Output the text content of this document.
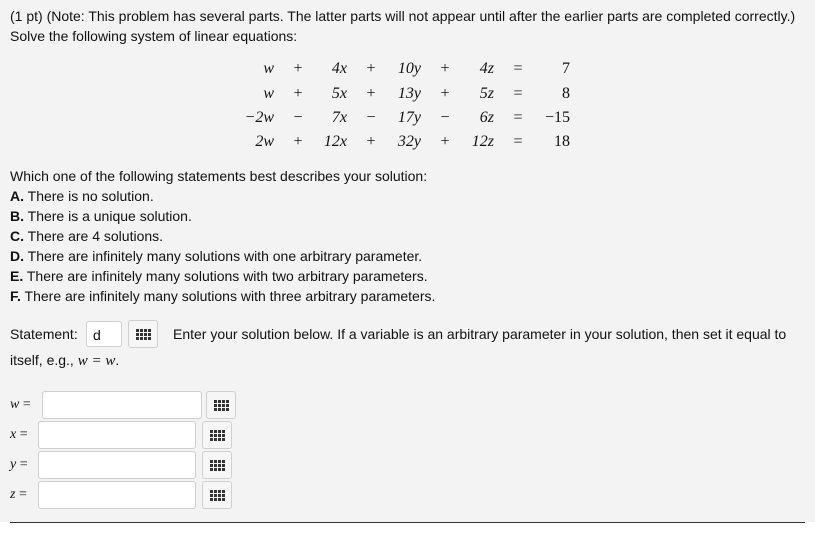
(1 pt) (Note: This problem has several parts. The latter parts will not appear until after the earlier parts are completed correctly.)
Solve the following system of linear equations:
w +	4x +	10y +	4z =	7
w +	5x +	13y +	5z =	8
−2w −	7x −	17y −	6z =	−15
2w +	12x +	32y +	12z =	18
Which one of the following statements best describes your solution:
A. There is no solution.
B. There is a unique solution.
C. There are 4 solutions.
D. There are infinitely many solutions with one arbitrary parameter.
E. There are infinitely many solutions with two arbitrary parameters.
F. There are infinitely many solutions with three arbitrary parameters.
Statement:	d	Enter your solution below. If a variable is an arbitrary parameter in your solution, then set it equal to
itself, e.g., w = w.
w =
x =
y =
z =
